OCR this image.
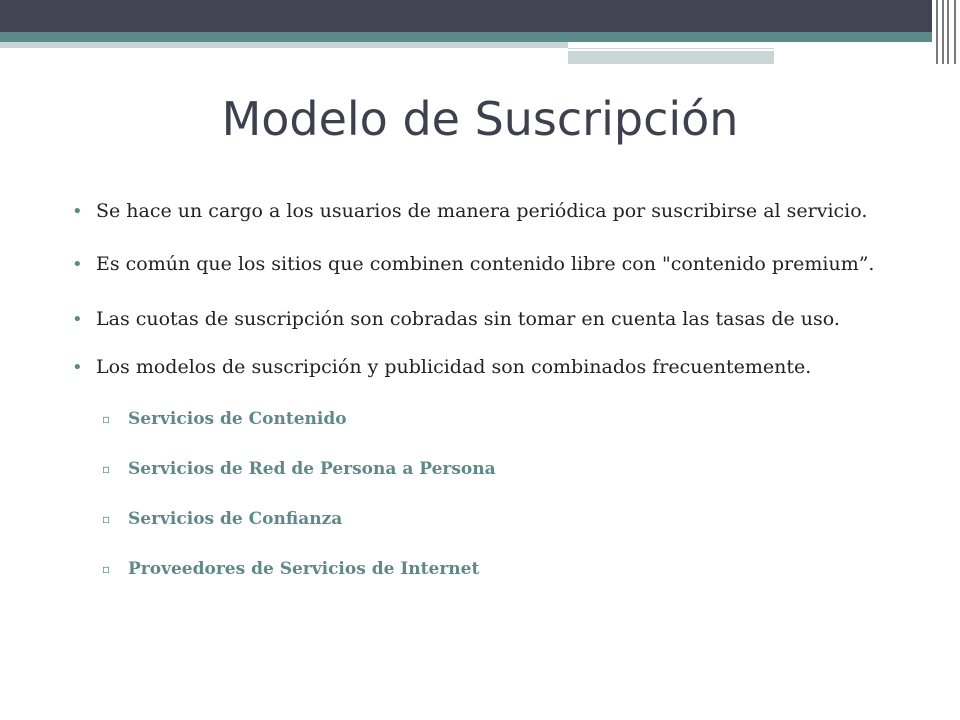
Modelo de Suscripción
• Se hace un cargo a los usuarios de manera periódica por suscribirse al servicio.
• Es común que los sitios que combinen contenido libre con "contenido premium”.
• Las cuotas de suscripción son cobradas sin tomar en cuenta las tasas de uso.
• Los modelos de suscripción y publicidad son combinados frecuentemente.
▫ Servicios de Contenido
▫ Servicios de Red de Persona a Persona
▫ Servicios de Confianza
▫ Proveedores de Servicios de Internet
